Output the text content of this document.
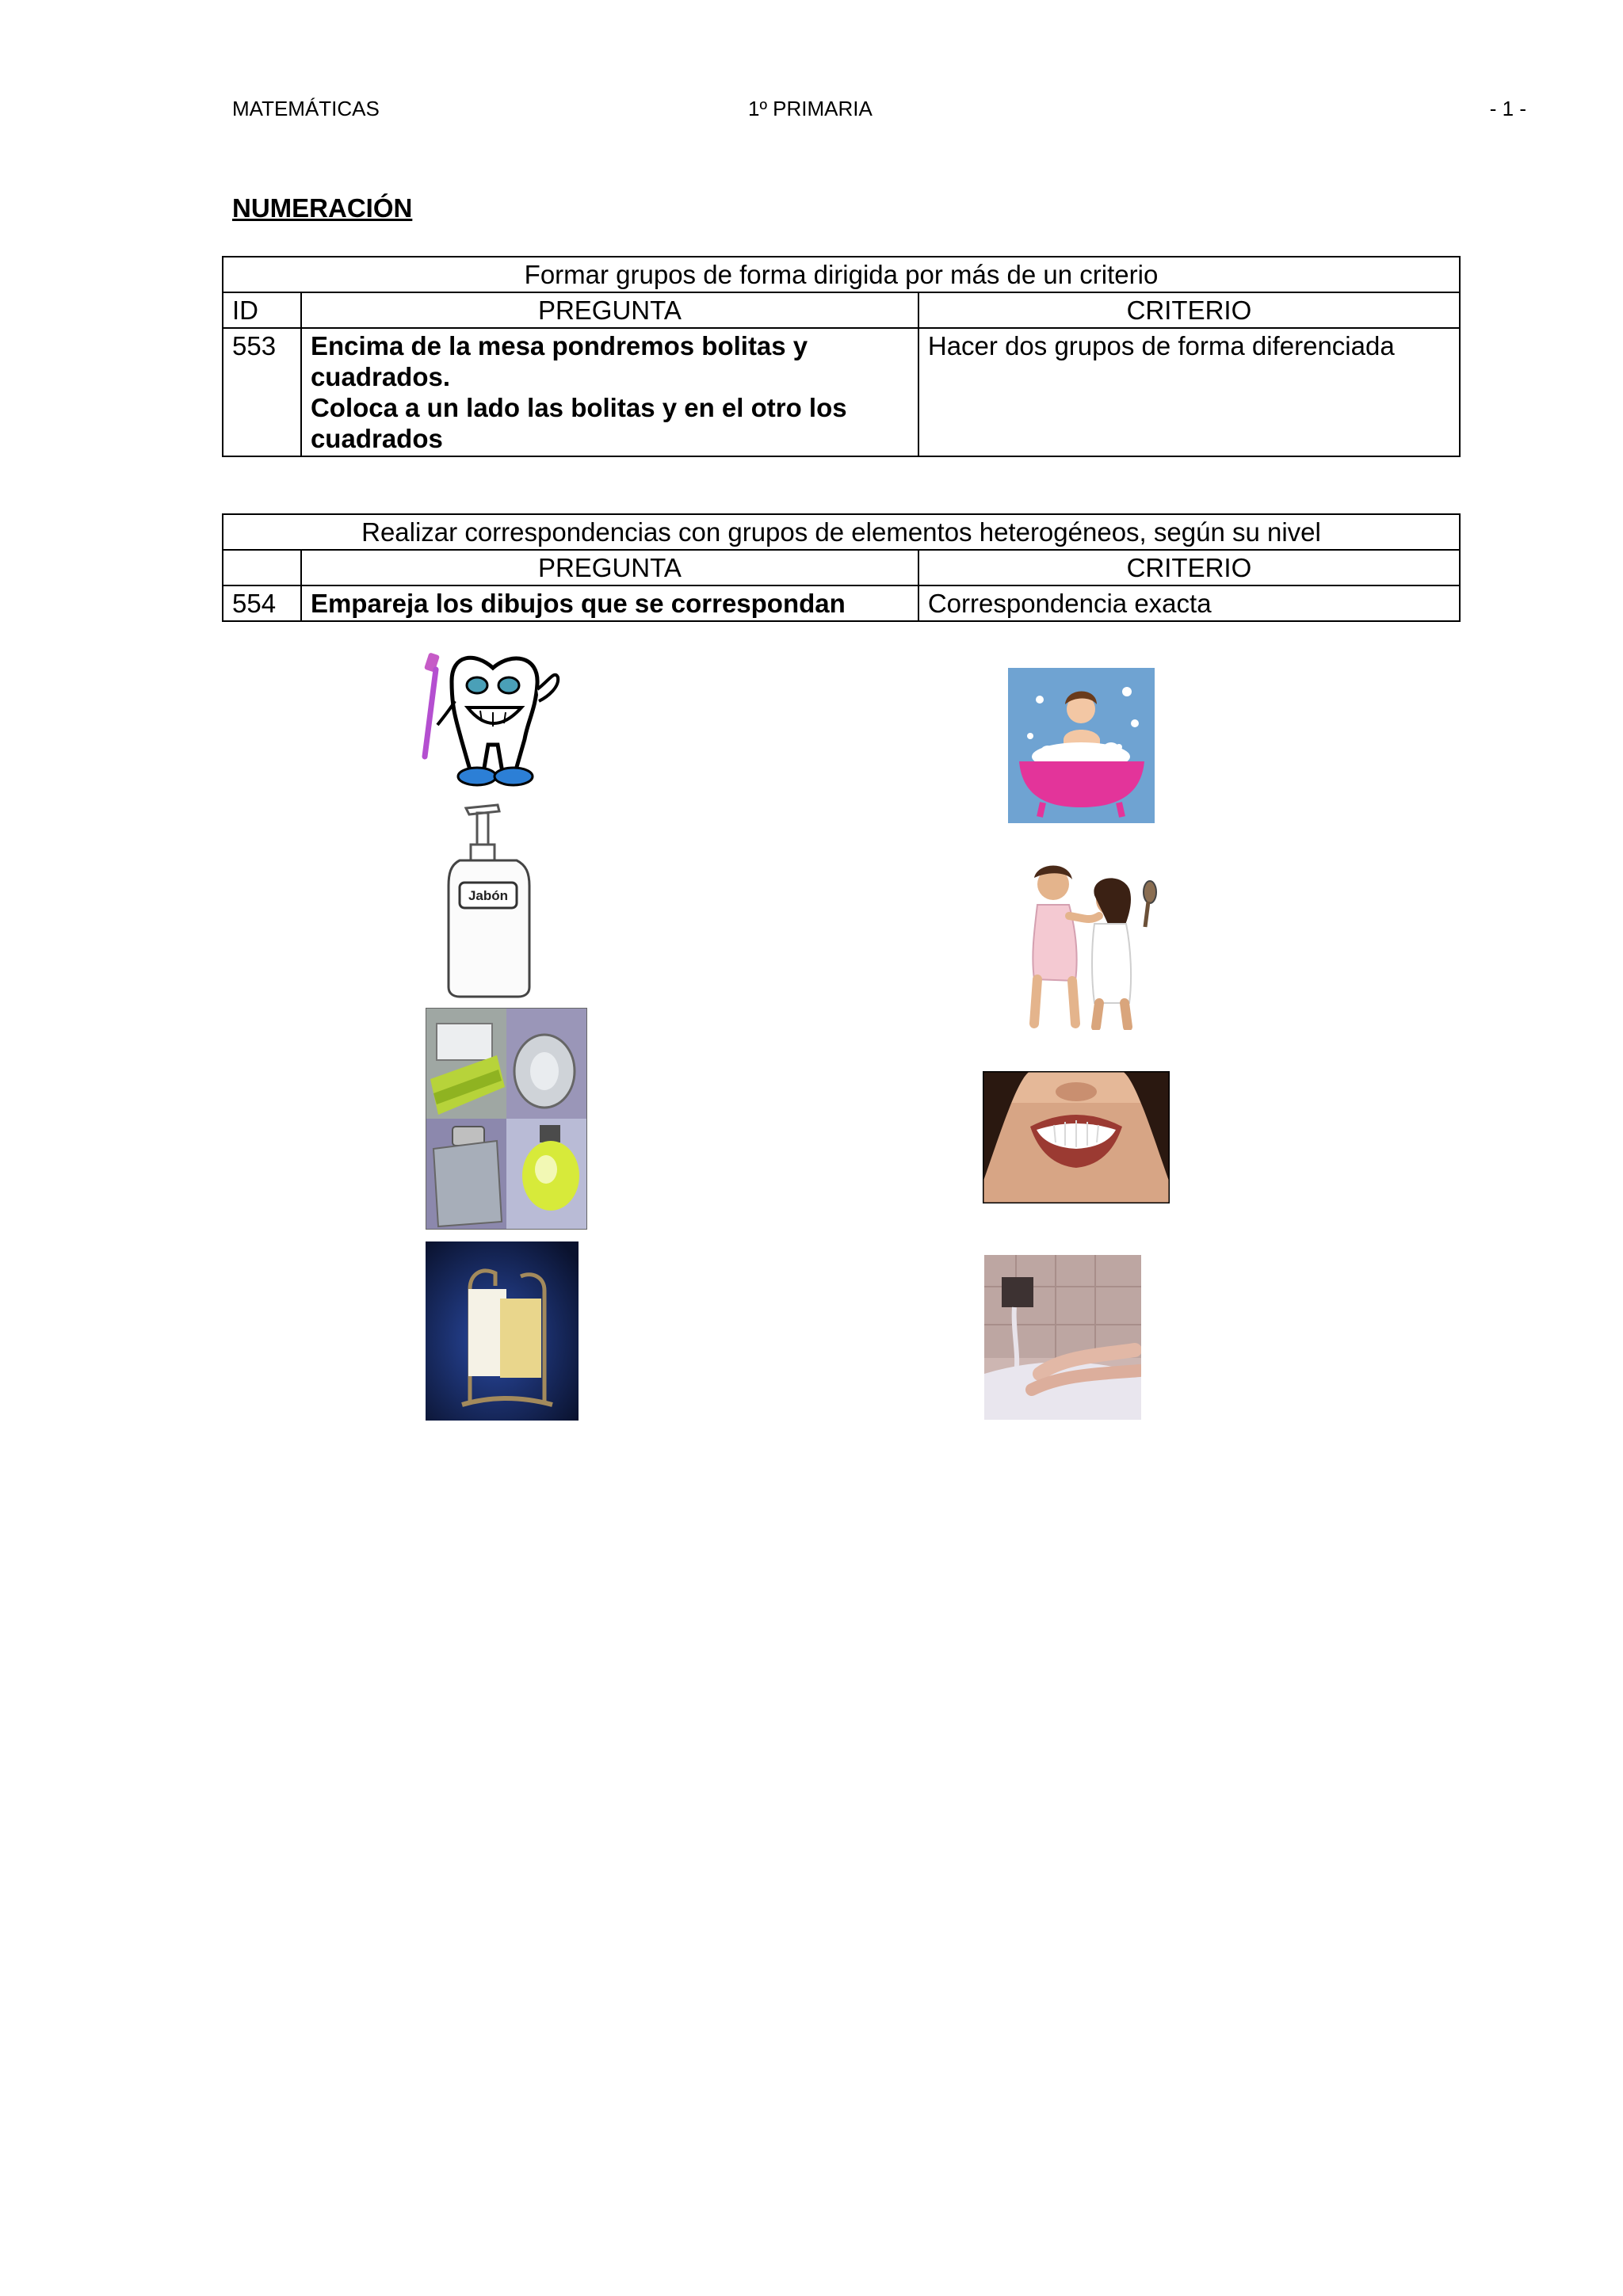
MATEMÁTICAS	1º PRIMARIA	- 1 -
NUMERACIÓN
Formar grupos de forma dirigida por más de un criterio		
ID	PREGUNTA	CRITERIO
553	Encima de la mesa pondremos bolitas y
cuadrados.
Coloca a un lado las bolitas y en el otro los
cuadrados	Hacer dos grupos de forma diferenciada
Realizar correspondencias con grupos de elementos heterogéneos, según su nivel		
	PREGUNTA	CRITERIO
554	Empareja los dibujos que se correspondan	Correspondencia exacta
Jabón
